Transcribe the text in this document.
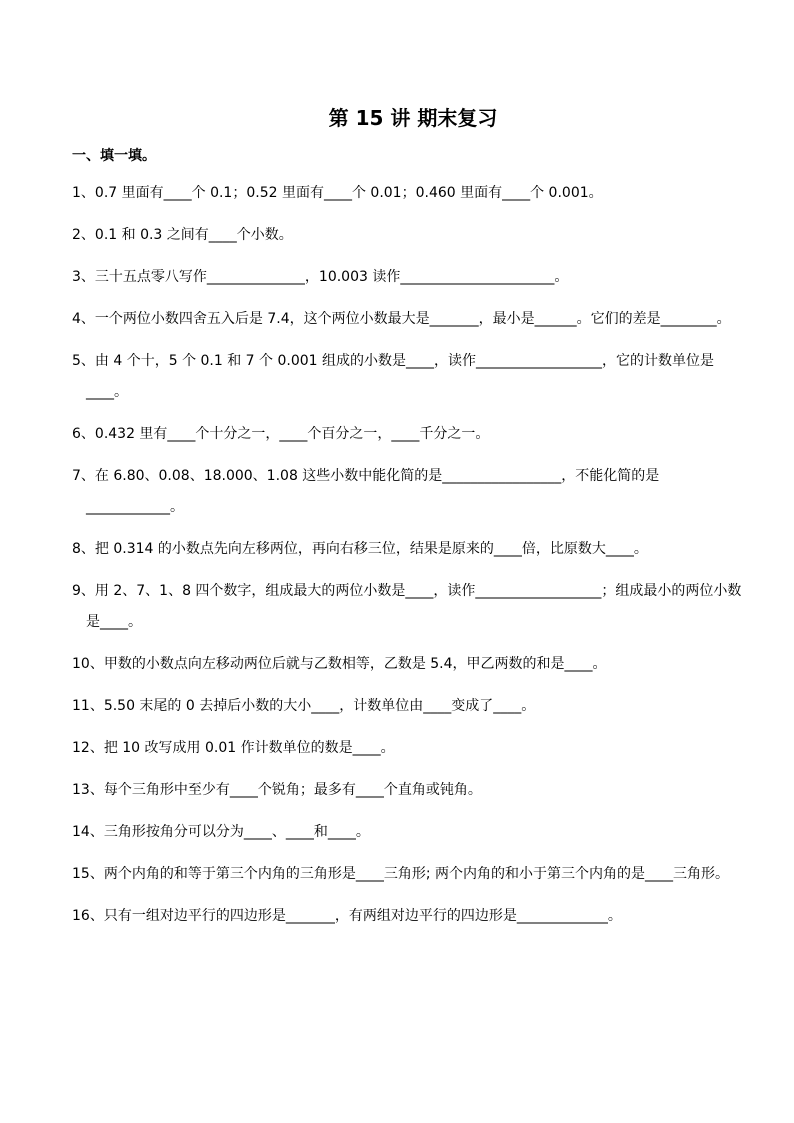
第 15 讲 期末复习
一、填一填。
1、0.7 里面有____个 0.1；0.52 里面有____个 0.01；0.460 里面有____个 0.001。
2、0.1 和 0.3 之间有____个小数。
3、三十五点零八写作______________，10.003 读作______________________。
4、一个两位小数四舍五入后是 7.4，这个两位小数最大是_______，最小是______。它们的差是________。
5、由 4 个十，5 个 0.1 和 7 个 0.001 组成的小数是____，读作__________________，它的计数单位是____。
6、0.432 里有____个十分之一，____个百分之一，____千分之一。
7、在 6.80、0.08、18.000、1.08 这些小数中能化简的是_________________，不能化简的是____________。
8、把 0.314 的小数点先向左移两位，再向右移三位，结果是原来的____倍，比原数大____。
9、用 2、7、1、8 四个数字，组成最大的两位小数是____，读作__________________；组成最小的两位小数是____。
10、甲数的小数点向左移动两位后就与乙数相等，乙数是 5.4，甲乙两数的和是____。
11、5.50 末尾的 0 去掉后小数的大小____，计数单位由____变成了____。
12、把 10 改写成用 0.01 作计数单位的数是____。
13、每个三角形中至少有____个锐角；最多有____个直角或钝角。
14、三角形按角分可以分为____、____和____。
15、两个内角的和等于第三个内角的三角形是____三角形; 两个内角的和小于第三个内角的是____三角形。
16、只有一组对边平行的四边形是_______，有两组对边平行的四边形是_____________。
